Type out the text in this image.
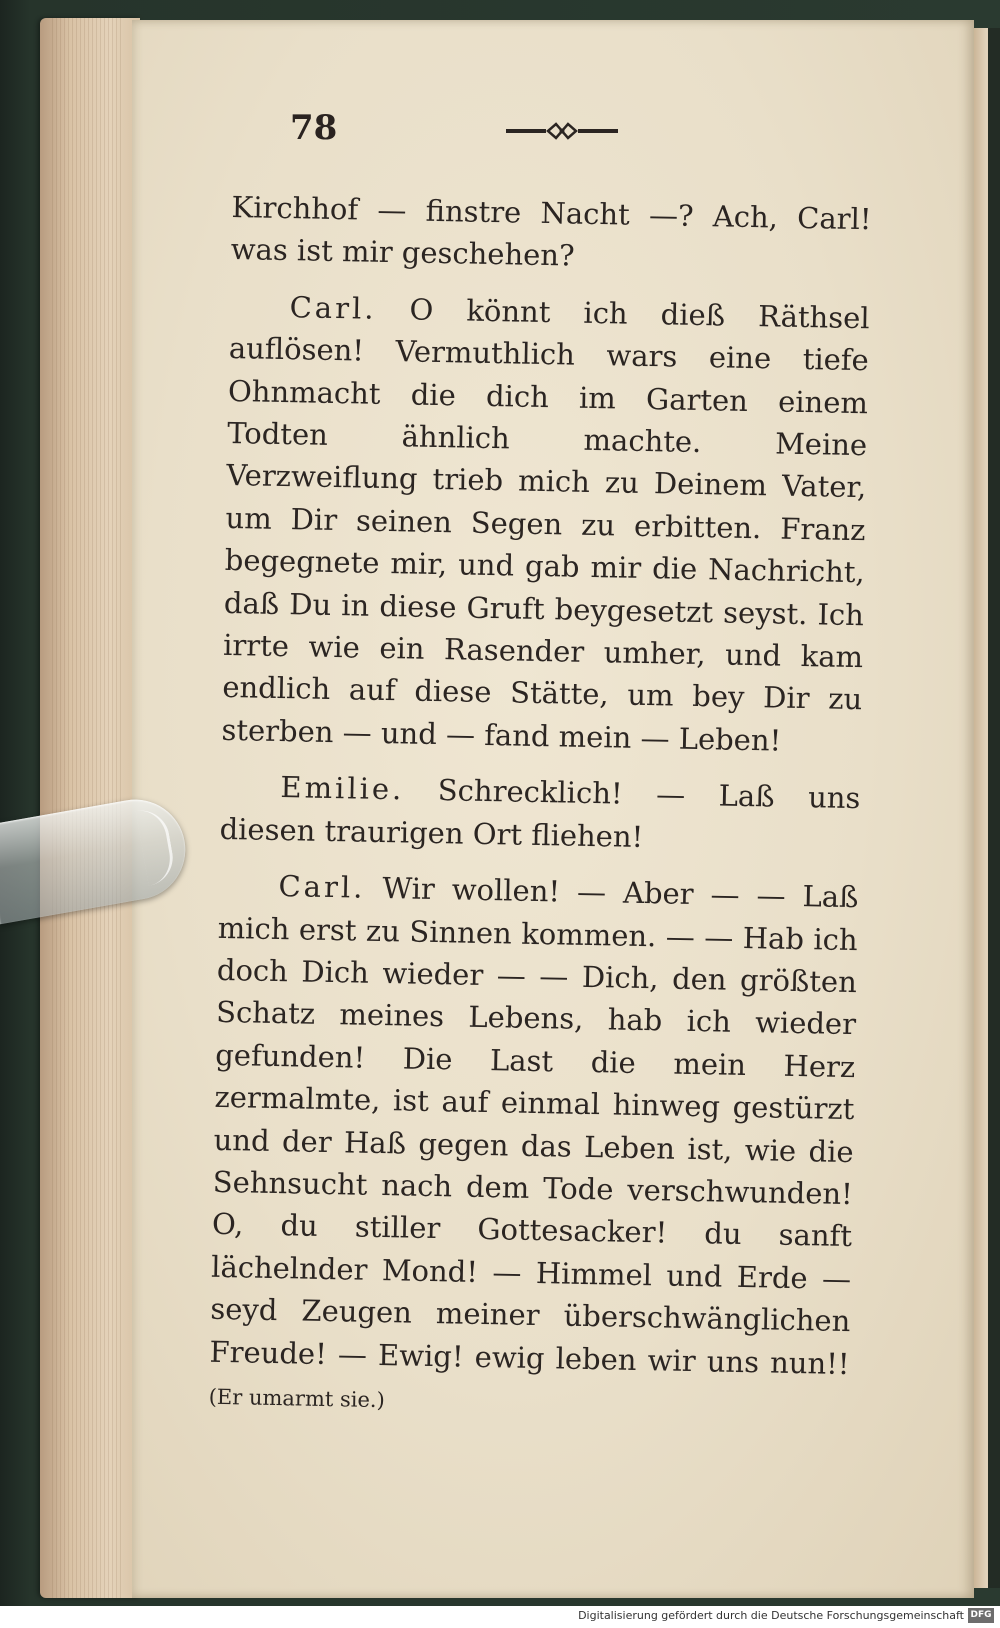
78

Kirchhof — finstre Nacht —? Ach, Carl! was ist mir geschehen?

Carl. O könnt ich dieß Räthsel auflösen! Vermuthlich wars eine tiefe Ohnmacht die dich im Garten einem Todten ähnlich machte. Meine Verzweiflung trieb mich zu Deinem Vater, um Dir seinen Segen zu erbitten. Franz begegnete mir, und gab mir die Nachricht, daß Du in diese Gruft beygesetzt seyst. Ich irrte wie ein Rasender umher, und kam endlich auf diese Stätte, um bey Dir zu sterben — und — fand mein — Leben!

Emilie. Schrecklich! — Laß uns diesen traurigen Ort fliehen!

Carl. Wir wollen! — Aber — — Laß mich erst zu Sinnen kommen. — — Hab ich doch Dich wieder — — Dich, den größten Schatz meines Lebens, hab ich wieder gefunden! Die Last die mein Herz zermalmte, ist auf einmal hinweg gestürzt und der Haß gegen das Leben ist, wie die Sehnsucht nach dem Tode verschwunden! O, du stiller Gottesacker! du sanft lächelnder Mond! — Himmel und Erde — seyd Zeugen meiner überschwänglichen Freude! — Ewig! ewig leben wir uns nun!! (Er umarmt sie.)

Digitalisierung gefördert durch die Deutsche Forschungsgemeinschaft DFG
